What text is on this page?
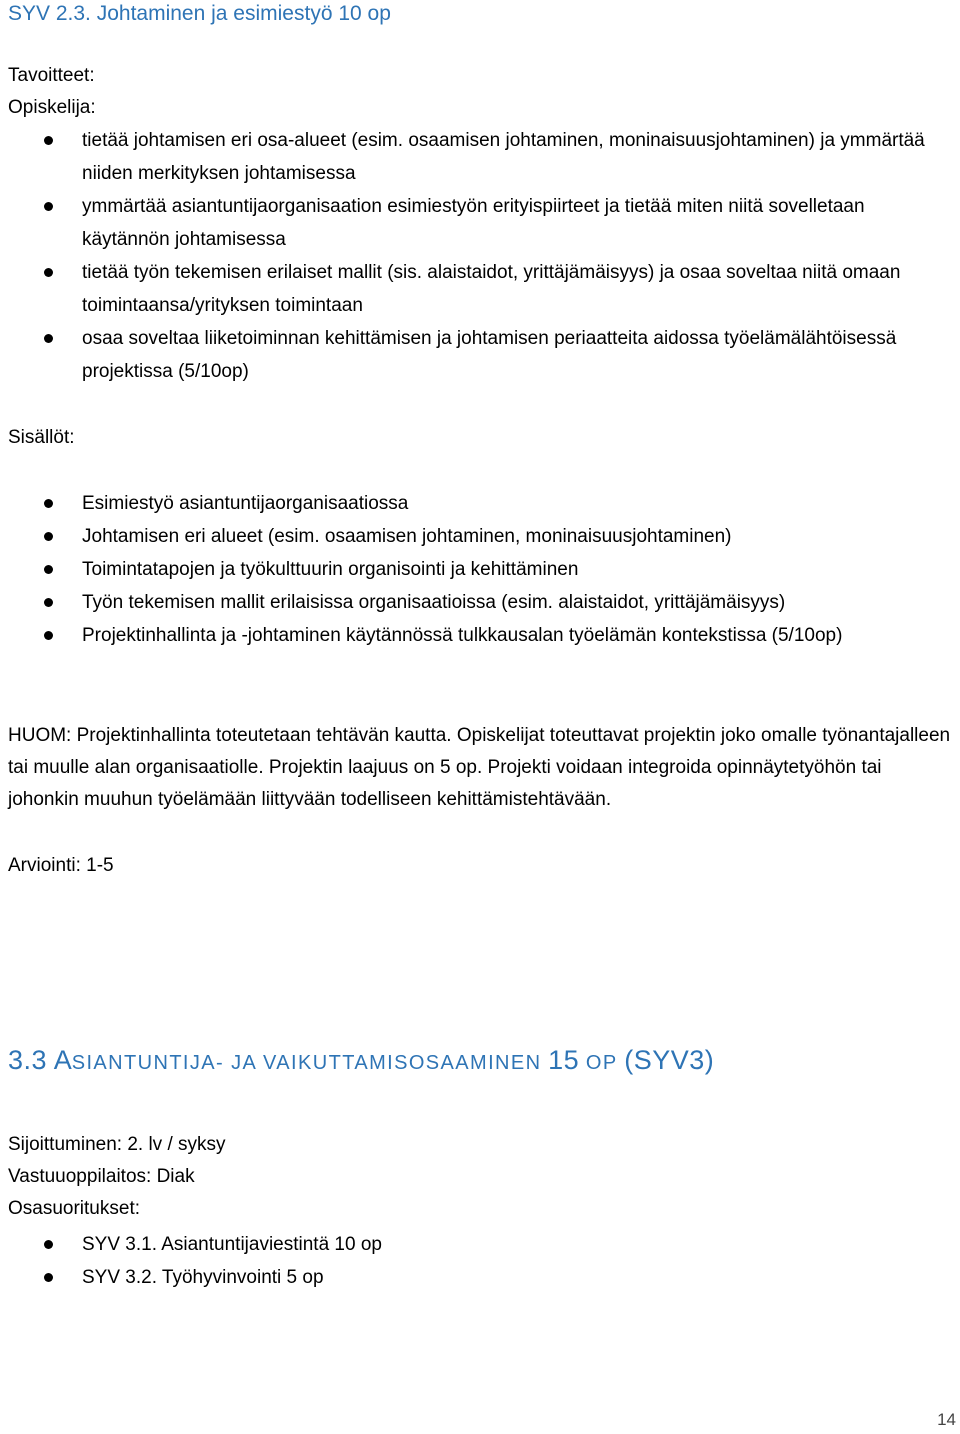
SYV 2.3. Johtaminen ja esimiestyö 10 op

Tavoitteet:

Opiskelija:

tietää johtamisen eri osa-alueet (esim. osaamisen johtaminen, moninaisuusjohtaminen) ja ymmärtää niiden merkityksen johtamisessa
ymmärtää asiantuntijaorganisaation esimiestyön erityispiirteet ja tietää miten niitä sovelletaan käytännön johtamisessa
tietää työn tekemisen erilaiset mallit (sis. alaistaidot, yrittäjämäisyys) ja osaa soveltaa niitä omaan toimintaansa/yrityksen toimintaan
osaa soveltaa liiketoiminnan kehittämisen ja johtamisen periaatteita aidossa työelämälähtöisessä projektissa (5/10op)

Sisällöt:

Esimiestyö asiantuntijaorganisaatiossa
Johtamisen eri alueet (esim. osaamisen johtaminen, moninaisuusjohtaminen)
Toimintatapojen ja työkulttuurin organisointi ja kehittäminen
Työn tekemisen mallit erilaisissa organisaatioissa (esim. alaistaidot, yrittäjämäisyys)
Projektinhallinta ja -johtaminen käytännössä tulkkausalan työelämän kontekstissa (5/10op)

HUOM: Projektinhallinta toteutetaan tehtävän kautta. Opiskelijat toteuttavat projektin joko omalle työnantajalleen tai muulle alan organisaatiolle. Projektin laajuus on 5 op. Projekti voidaan integroida opinnäytetyöhön tai johonkin muuhun työelämään liittyvään todelliseen kehittämistehtävään.

Arviointi: 1-5

3.3 ASIANTUNTIJA- JA VAIKUTTAMISOSAAMINEN 15 OP (SYV3)

Sijoittuminen: 2. lv / syksy

Vastuuoppilaitos: Diak

Osasuoritukset:

SYV 3.1. Asiantuntijaviestintä 10 op
SYV 3.2. Työhyvinvointi 5 op
14
